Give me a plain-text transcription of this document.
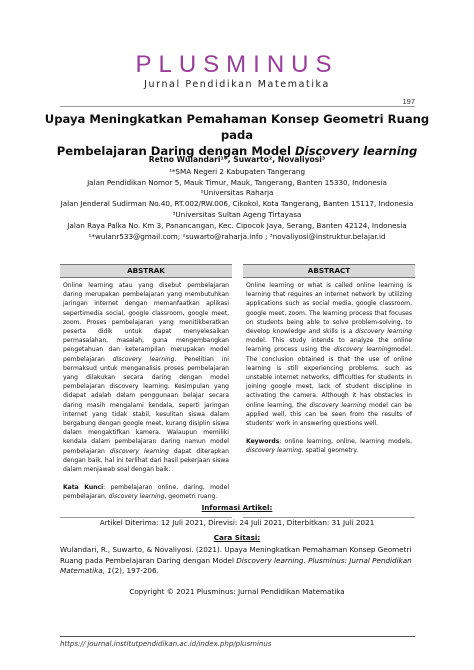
PLUSMINUS
Jurnal Pendidikan Matematika
197
Upaya Meningkatkan Pemahaman Konsep Geometri Ruang pada
Pembelajaran Daring dengan Model Discovery learning
Retno Wulandari¹*, Suwarto², Novaliyosi³
¹*SMA Negeri 2 Kabupaten Tangerang
Jalan Pendidikan Nomor 5, Mauk Timur, Mauk, Tangerang, Banten 15330, Indonesia
²Universitas Raharja
Jalan Jenderal Sudirman No.40, RT.002/RW.006, Cikokol, Kota Tangerang, Banten 15117, Indonesia
³Universitas Sultan Ageng Tirtayasa
Jalan Raya Palka No. Km 3, Panancangan, Kec. Cipocok Jaya, Serang, Banten 42124, Indonesia
¹*wulanr533@gmail.com; ²suwarto@raharja.info ; ³novaliyosi@instruktur.belajar.id
ABSTRAK

Online learning atau yang disebut pembelajaran daring merupakan pembelajaran yang membutuhkan jaringan internet dengan memanfaatkan aplikasi sepertimedia social, google classroom, google meet, zoom. Proses pembelajaran yang menitikberatkan peserta didik untuk dapat menyelesaikan permasalahan, masalah, guna mengembangkan pengetahuan dan keterampilan merupakan model pembelajaran discovery learning. Penelitian ini bermaksud untuk menganalisis proses pembelajaran yang dilakukan secara daring dengan model pembelajaran discovery learning. Kesimpulan yang didapat adalah dalam penggunaan belajar secara daring masih mengalami kendala, seperti jaringan internet yang tidak stabil, kesulitan siswa dalam bergabung dengan google meet, kurang disiplin siswa dalam mengaktifkan kamera. Walaupun memiliki kendala dalam pembelajaran daring namun model pembelajaran discovery learning dapat diterapkan dengan baik, hal ini terlihat dari hasil pekerjaan siswa dalam menjawab soal dengan baik.

Kata Kunci: pembelajaran online, daring, model pembelajaran, discovery learning, geometri ruang.

ABSTRACT

Online learning or what is called online learning is learning that requires an internet network by utilizing applications such as social media, google classroom, google meet, zoom. The learning process that focuses on students being able to solve problem-solving, to develop knowledge and skills is a discovery learning model. This study intends to analyze the online learning process using the discovery learningmodel. The conclusion obtained is that the use of online learning is still experiencing problems, such as unstable internet networks, difficulties for students in joining google meet, lack of student discipline in activating the camera. Although it has obstacles in online learning, the discovery learning model can be applied well, this can be seen from the results of students' work in answering questions well.

Keywords: online learning, online, learning models, discovery learning, spatial geometry.

Informasi Artikel:
Artikel Diterima: 12 Juli 2021, Direvisi: 24 Juli 2021, Diterbitkan: 31 Juli 2021
Cara Sitasi:
Wulandari, R., Suwarto, & Novaliyosi. (2021). Upaya Meningkatkan Pemahaman Konsep Geometri Ruang pada Pembelajaran Daring dengan Model Discovery learning. Plusminus: Jurnal Pendidikan Matematika, 1(2), 197-206.
Copyright © 2021 Plusminus: Jurnal Pendidikan Matematika
https:// journal.institutpendidikan.ac.id/index.php/plusminus
